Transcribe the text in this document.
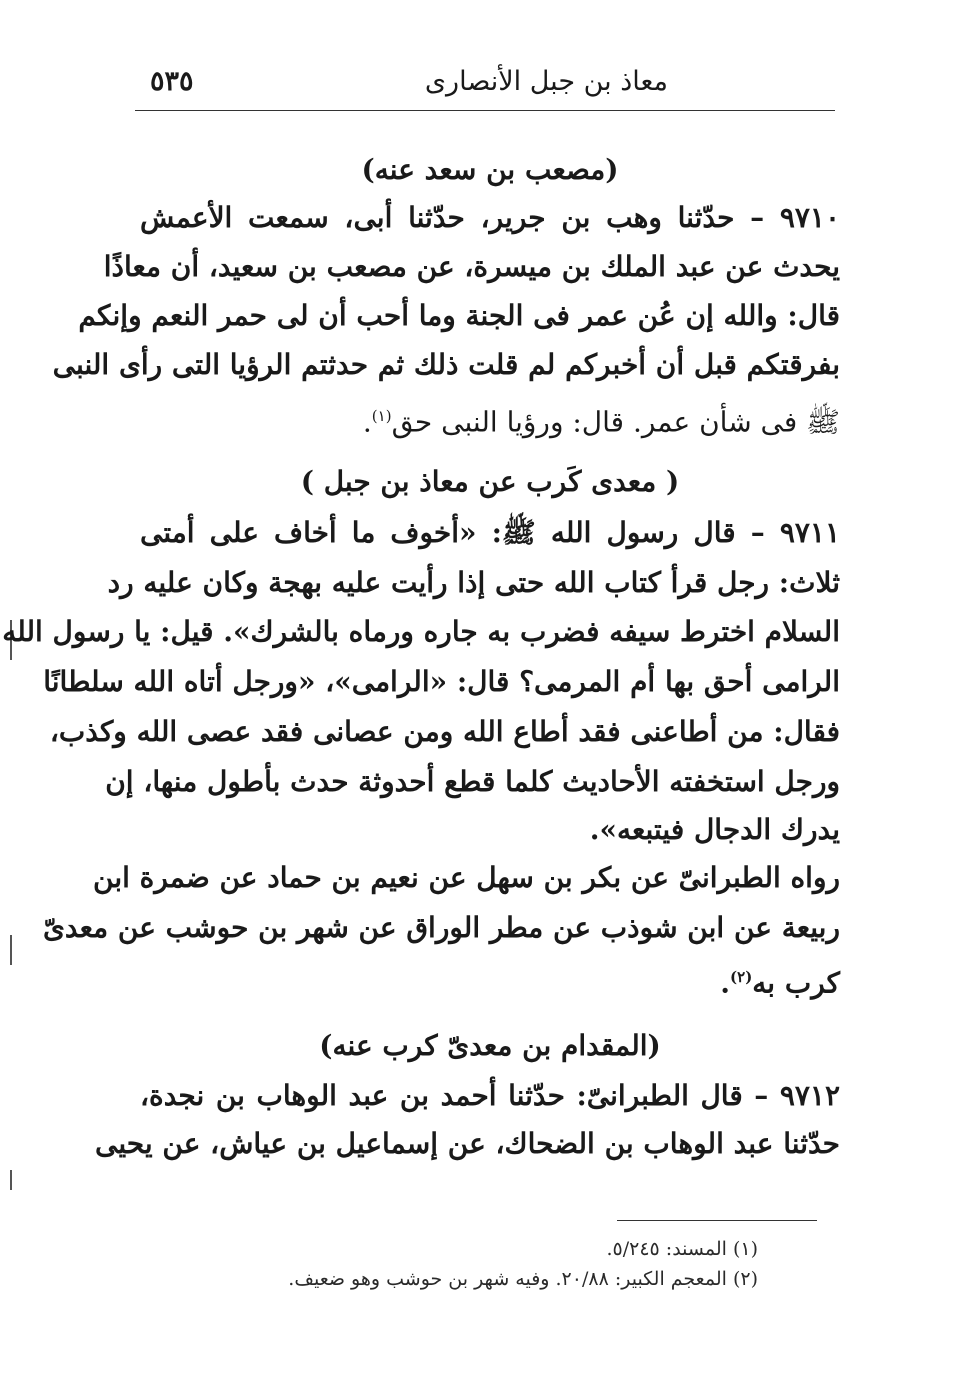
معاذ بن جبل الأنصارى
٥٣٥
(مصعب بن سعد عنه)
٩٧١٠ – حدّثنا وهب بن جرير، حدّثنا أبى، سمعت الأعمش
يحدث عن عبد الملك بن ميسرة، عن مصعب بن سعيد، أن معاذًا
قال: والله إن عُن عمر فى الجنة وما أحب أن لى حمر النعم وإنكم
بفرقتكم قبل أن أخبركم لم قلت ذلك ثم حدثتم الرؤيا التى رأى النبى
ﷺ فى شأن عمر. قال: ورؤيا النبى حق$^{(١)}$.
( معدى كَرب عن معاذ بن جبل )
٩٧١١ – قال رسول الله ﷺ: «أخوف ما أخاف على أمتى
ثلاث: رجل قرأ كتاب الله حتى إذا رأيت عليه بهجة وكان عليه رد
السلام اخترط سيفه فضرب به جاره ورماه بالشرك». قيل: يا رسول الله
الرامى أحق بها أم المرمى؟ قال: «الرامى»، «ورجل أتاه الله سلطانًا
فقال: من أطاعنى فقد أطاع الله ومن عصانى فقد عصى الله وكذب،
ورجل استخفته الأحاديث كلما قطع أحدوثة حدث بأطول منها، إن
يدرك الدجال فيتبعه».
رواه الطبرانىّ عن بكر بن سهل عن نعيم بن حماد عن ضمرة ابن
ربيعة عن ابن شوذب عن مطر الوراق عن شهر بن حوشب عن معدىّ
كرب به$^{(٢)}$.
(المقدام بن معدىّ كرب عنه)
٩٧١٢ – قال الطبرانىّ: حدّثنا أحمد بن عبد الوهاب بن نجدة،
حدّثنا عبد الوهاب بن الضحاك، عن إسماعيل بن عياش، عن يحيى
(١) المسند: ٥/٢٤٥.
(٢) المعجم الكبير: ٢٠/٨٨. وفيه شهر بن حوشب وهو ضعيف.
